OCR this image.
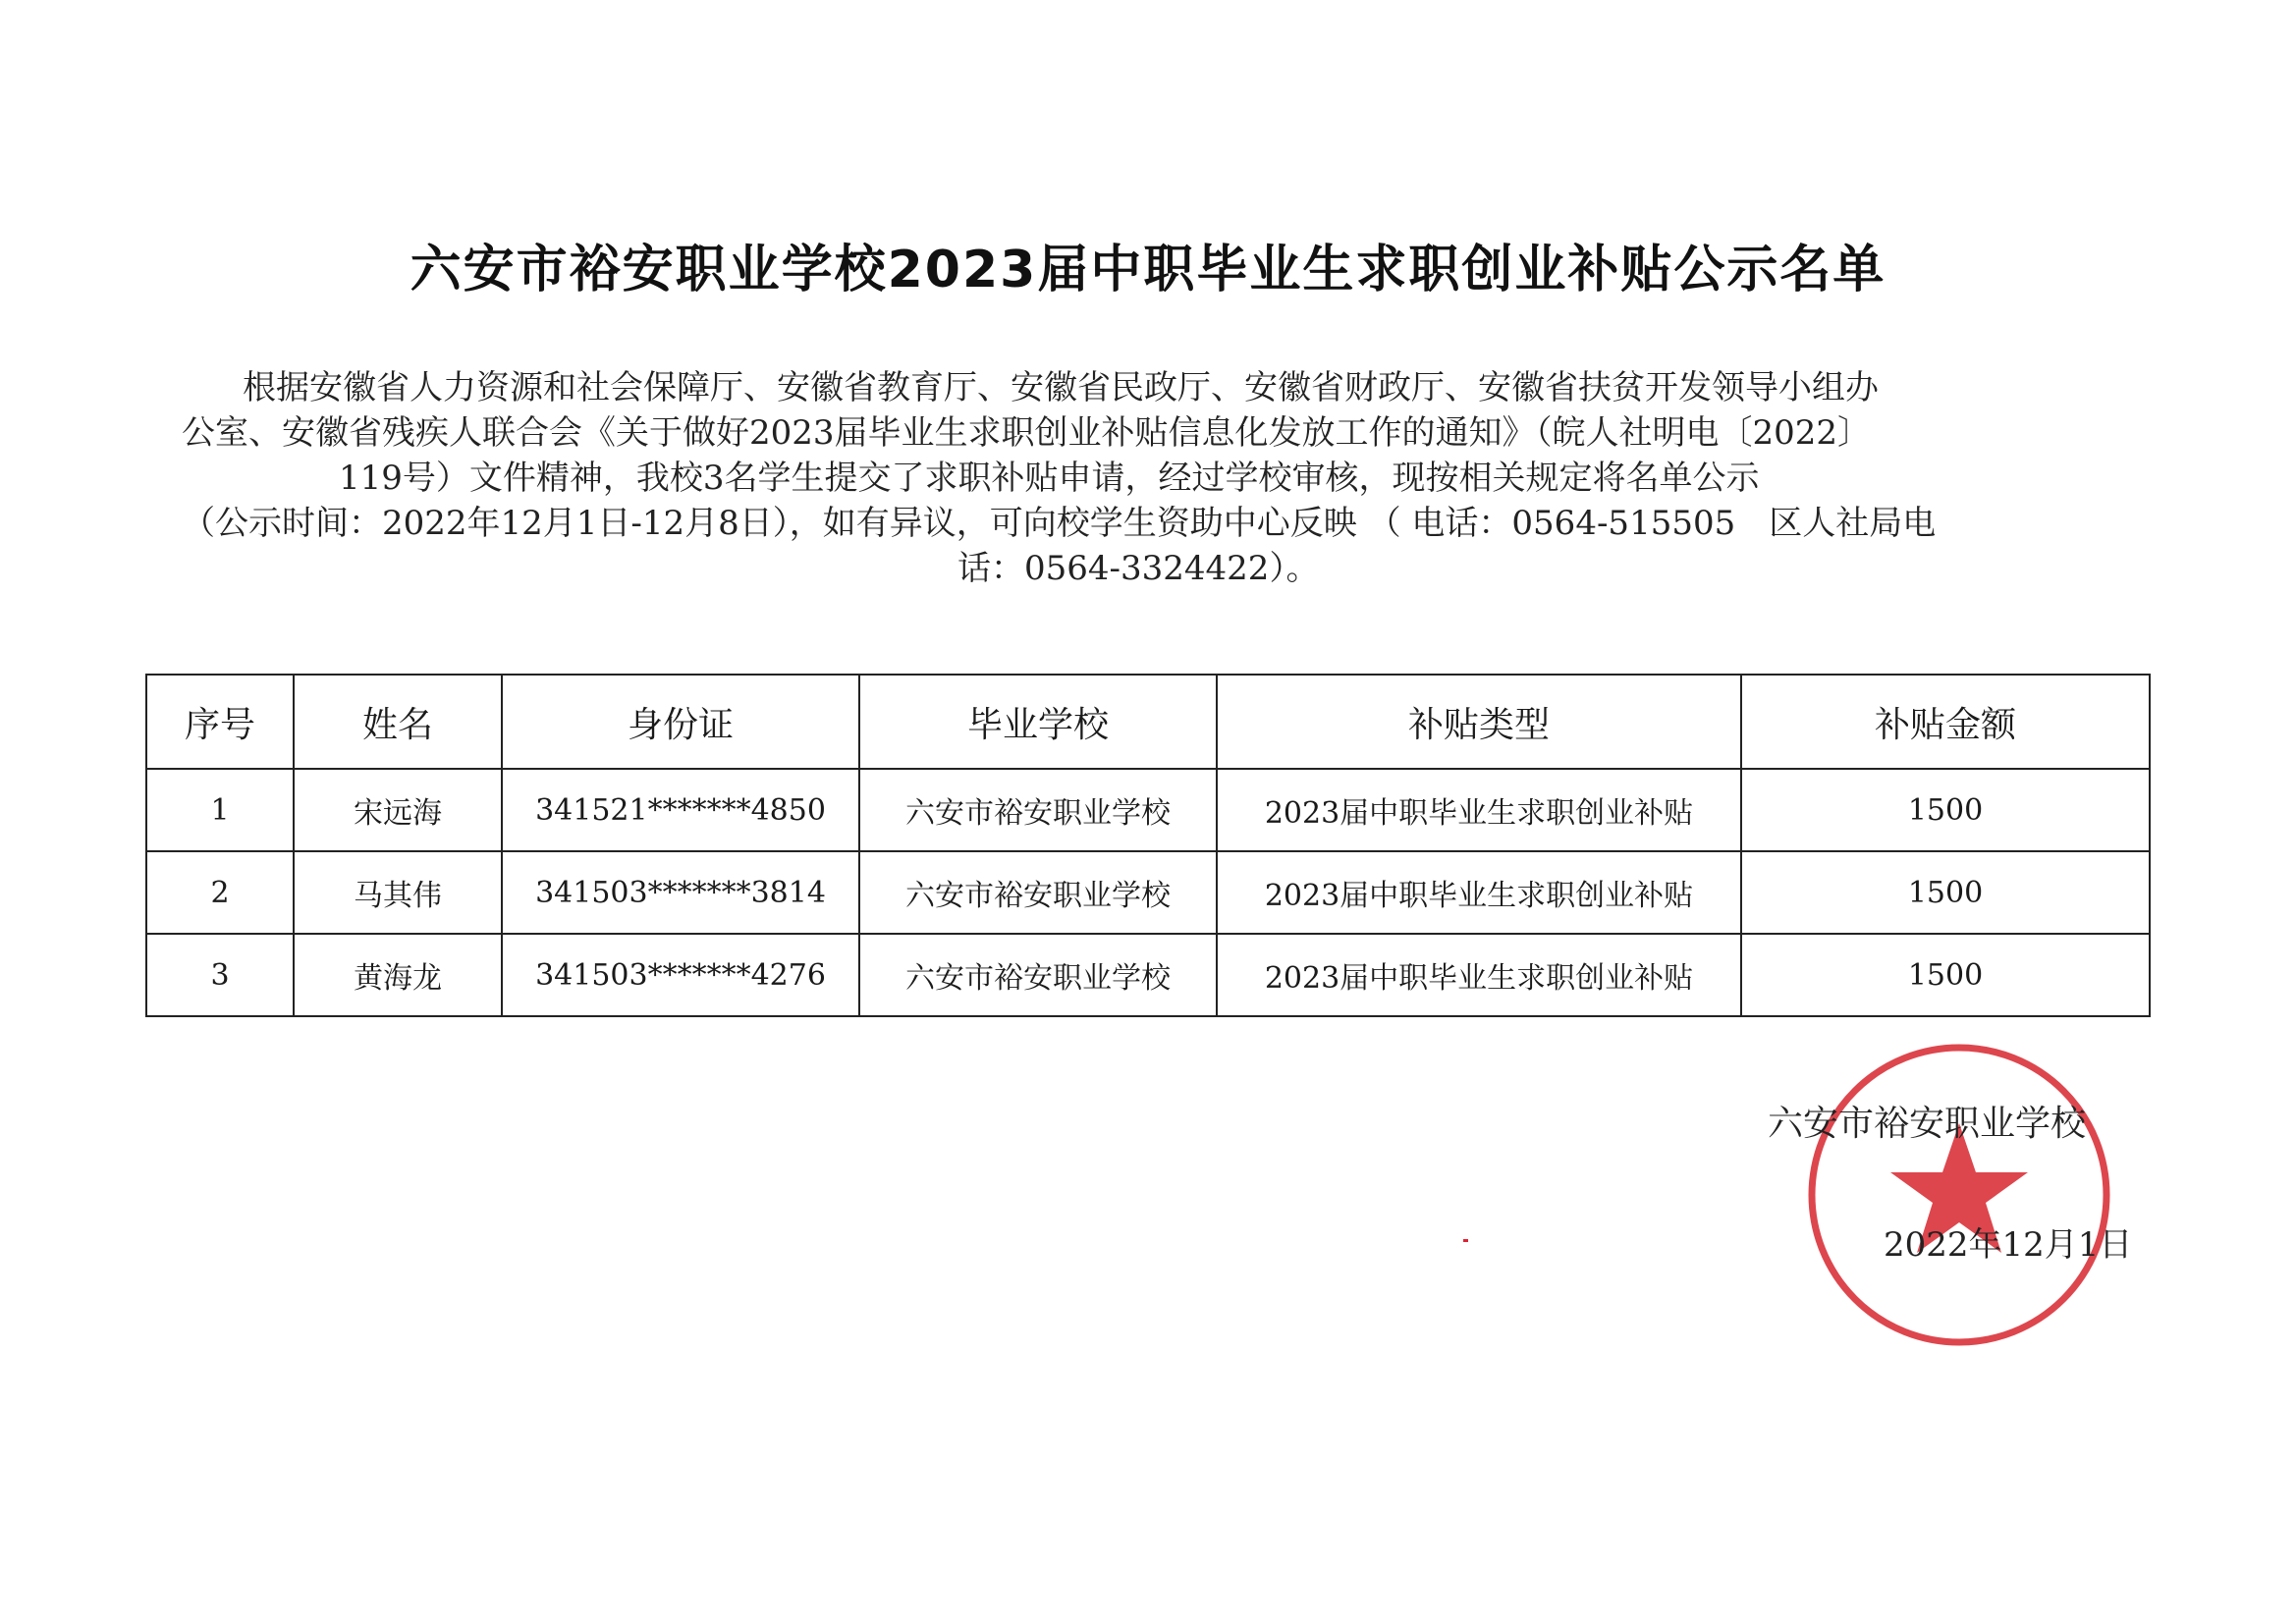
六安市裕安职业学校2023届中职毕业生求职创业补贴公示名单

根据安徽省人力资源和社会保障厅、安徽省教育厅、安徽省民政厅、安徽省财政厅、安徽省扶贫开发领导小组办

公室、安徽省残疾人联合会《关于做好2023届毕业生求职创业补贴信息化发放工作的通知》（皖人社明电〔2022〕

119号）文件精神，我校3名学生提交了求职补贴申请，经过学校审核，现按相关规定将名单公示

（公示时间：2022年12月1日-12月8日），如有异议，可向校学生资助中心反映 （ 电话：0564-515505　区人社局电

话：0564-3324422）。

序号	姓名	身份证	毕业学校	补贴类型	补贴金额
1	宋远海	341521*******4850	六安市裕安职业学校	2023届中职毕业生求职创业补贴	1500
2	马其伟	341503*******3814	六安市裕安职业学校	2023届中职毕业生求职创业补贴	1500
3	黄海龙	341503*******4276	六安市裕安职业学校	2023届中职毕业生求职创业补贴	1500
六安市裕安职业学校
2022年12月1日
